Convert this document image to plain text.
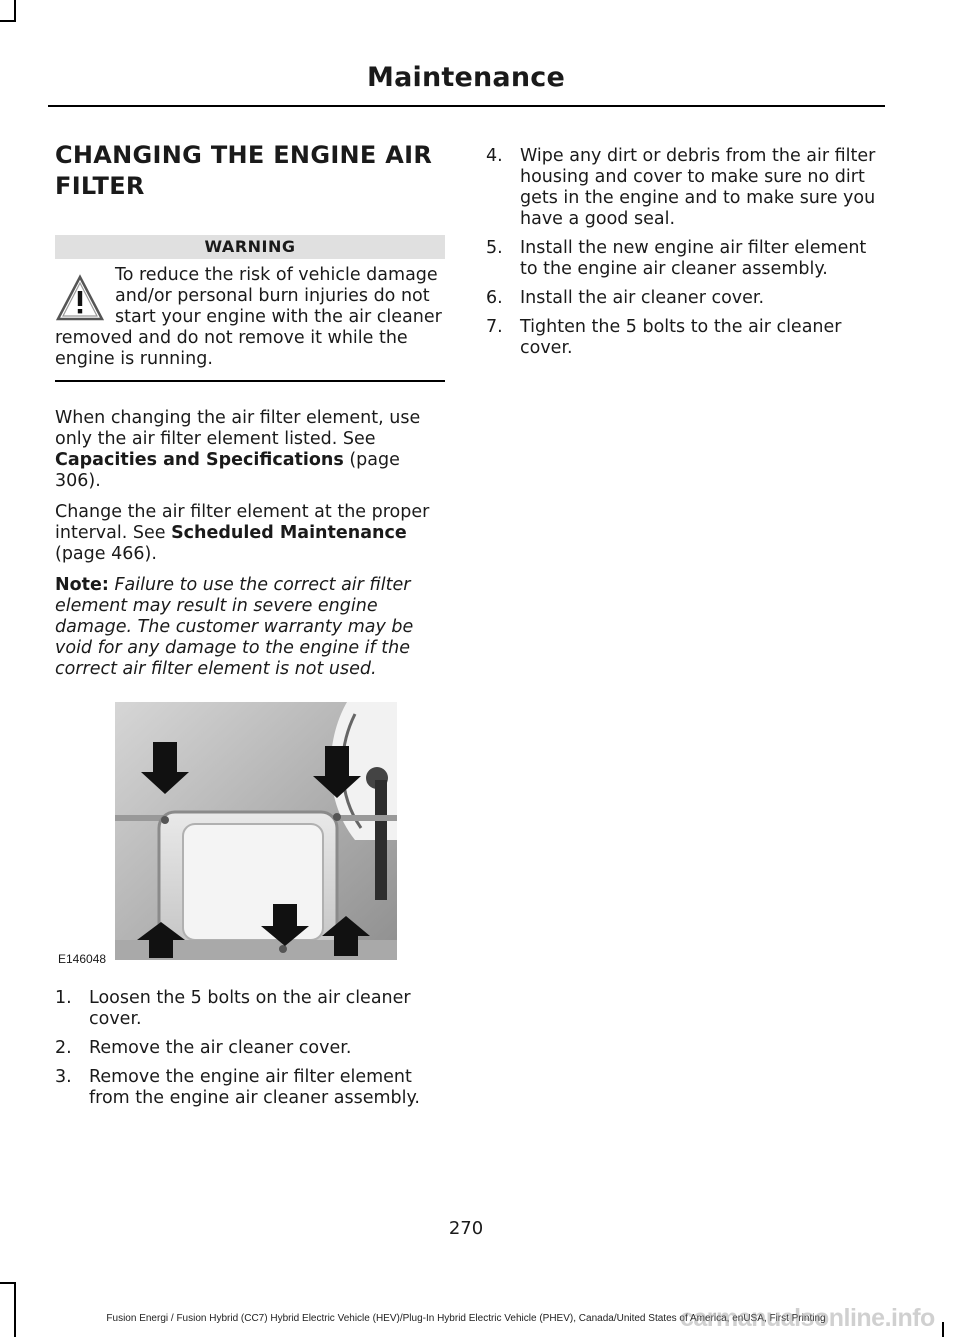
Maintenance
CHANGING THE ENGINE AIR FILTER
WARNING

To reduce the risk of vehicle damage and/or personal burn injuries do not start your engine with the air cleaner removed and do not remove it while the engine is running.

When changing the air filter element, use only the air filter element listed. See Capacities and Specifications (page 306).

Change the air filter element at the proper interval. See Scheduled Maintenance (page 466).

Note: Failure to use the correct air filter element may result in severe engine damage. The customer warranty may be void for any damage to the engine if the correct air filter element is not used.

E146048
1. Loosen the 5 bolts on the air cleaner cover.
2. Remove the air cleaner cover.
3. Remove the engine air filter element from the engine air cleaner assembly.
4. Wipe any dirt or debris from the air filter housing and cover to make sure no dirt gets in the engine and to make sure you have a good seal.
5. Install the new engine air filter element to the engine air cleaner assembly.
6. Install the air cleaner cover.
7. Tighten the 5 bolts to the air cleaner cover.
270
Fusion Energi / Fusion Hybrid (CC7) Hybrid Electric Vehicle (HEV)/Plug-In Hybrid Electric Vehicle (PHEV), Canada/United States of America, enUSA, First Printing
carmanualsonline.info
